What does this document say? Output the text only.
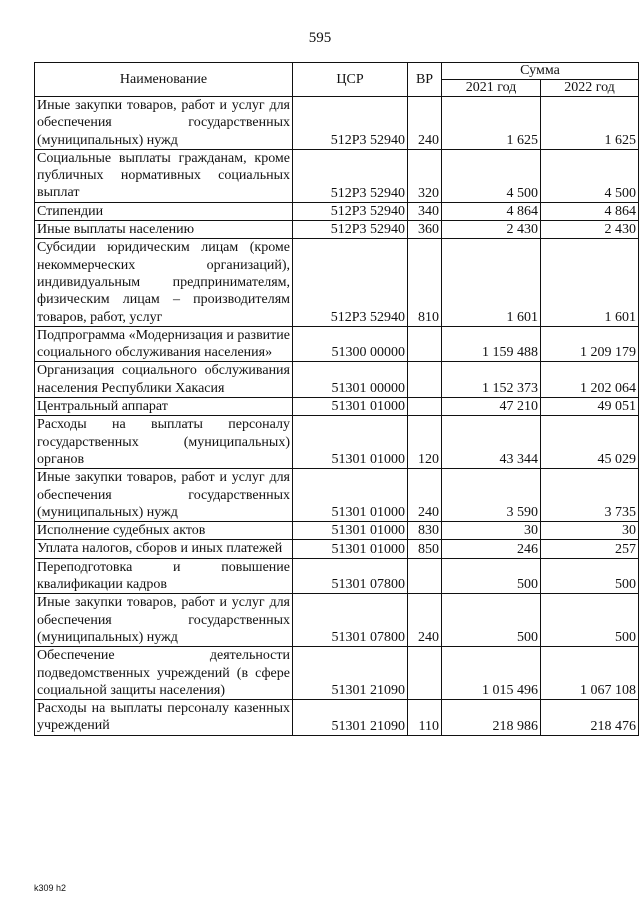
595
Наименование	ЦСР	ВР	Сумма	
			2021 год	2022 год
Иные закупки товаров, работ и услуг для обеспечения государственных (муниципальных) нужд	512P3 52940	240	1 625	1 625
Социальные выплаты гражданам, кроме публичных нормативных социальных выплат	512P3 52940	320	4 500	4 500
Стипендии	512P3 52940	340	4 864	4 864
Иные выплаты населению	512P3 52940	360	2 430	2 430
Субсидии юридическим лицам (кроме некоммерческих организаций), индивидуальным предпринимателям, физическим лицам – производителям товаров, работ, услуг	512P3 52940	810	1 601	1 601
Подпрограмма «Модернизация и развитие социального обслуживания населения»	51300 00000		1 159 488	1 209 179
Организация социального обслуживания населения Республики Хакасия	51301 00000		1 152 373	1 202 064
Центральный аппарат	51301 01000		47 210	49 051
Расходы на выплаты персоналу государственных (муниципальных) органов	51301 01000	120	43 344	45 029
Иные закупки товаров, работ и услуг для обеспечения государственных (муниципальных) нужд	51301 01000	240	3 590	3 735
Исполнение судебных актов	51301 01000	830	30	30
Уплата налогов, сборов и иных платежей	51301 01000	850	246	257
Переподготовка и повышение квалификации кадров	51301 07800		500	500
Иные закупки товаров, работ и услуг для обеспечения государственных (муниципальных) нужд	51301 07800	240	500	500
Обеспечение деятельности подведомственных учреждений (в сфере социальной защиты населения)	51301 21090		1 015 496	1 067 108
Расходы на выплаты персоналу казенных учреждений	51301 21090	110	218 986	218 476
k309 h2
